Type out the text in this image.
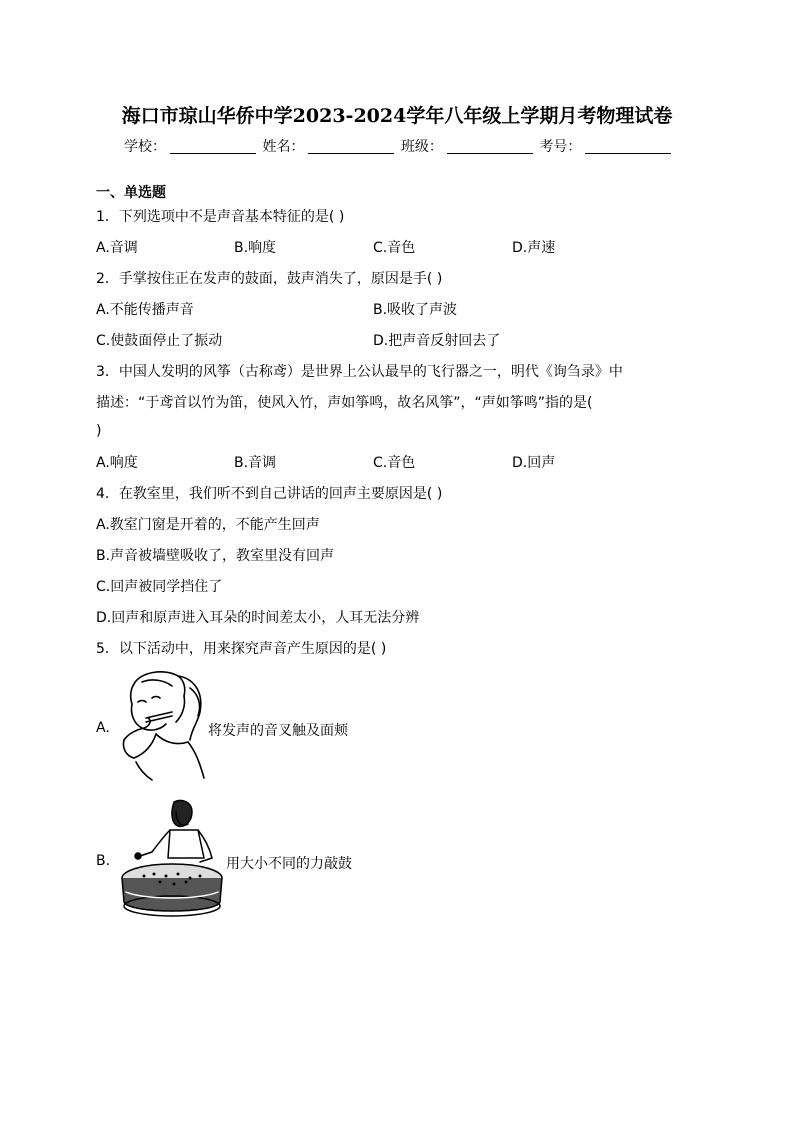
海口市琼山华侨中学2023-2024学年八年级上学期月考物理试卷
学校：	姓名：	班级：	考号：
一、单选题
1．下列选项中不是声音基本特征的是( )
A.音调	B.响度	C.音色	D.声速
2．手掌按住正在发声的鼓面，鼓声消失了，原因是手( )
A.不能传播声音	B.吸收了声波
C.使鼓面停止了振动	D.把声音反射回去了
3．中国人发明的风筝（古称鸢）是世界上公认最早的飞行器之一，明代《询刍录》中
描述：“于鸢首以竹为笛，使风入竹，声如筝鸣，故名风筝”，“声如筝鸣”指的是(
)
A.响度	B.音调	C.音色	D.回声
4．在教室里，我们听不到自己讲话的回声主要原因是( )
A.教室门窗是开着的，不能产生回声
B.声音被墙壁吸收了，教室里没有回声
C.回声被同学挡住了
D.回声和原声进入耳朵的时间差太小，人耳无法分辨
5．以下活动中，用来探究声音产生原因的是( )
A.	将发声的音叉触及面颊
B.	用大小不同的力敲鼓
